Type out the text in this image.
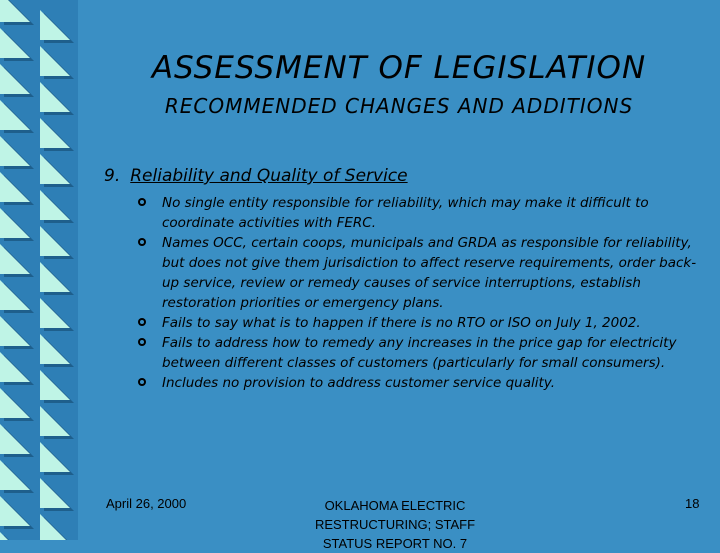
ASSESSMENT OF LEGISLATION
RECOMMENDED CHANGES AND ADDITIONS
9. Reliability and Quality of Service
No single entity responsible for reliability, which may make it difficult to coordinate activities with FERC.
Names OCC, certain coops, municipals and GRDA as responsible for reliability, but does not give them jurisdiction to affect reserve requirements, order back-up service, review or remedy causes of service interruptions, establish restoration priorities or emergency plans.
Fails to say what is to happen if there is no RTO or ISO on July 1, 2002.
Fails to address how to remedy any increases in the price gap for electricity between different classes of customers (particularly for small consumers).
Includes no provision to address customer service quality.
April 26, 2000	OKLAHOMA ELECTRIC RESTRUCTURING; STAFF STATUS REPORT NO. 7
18
